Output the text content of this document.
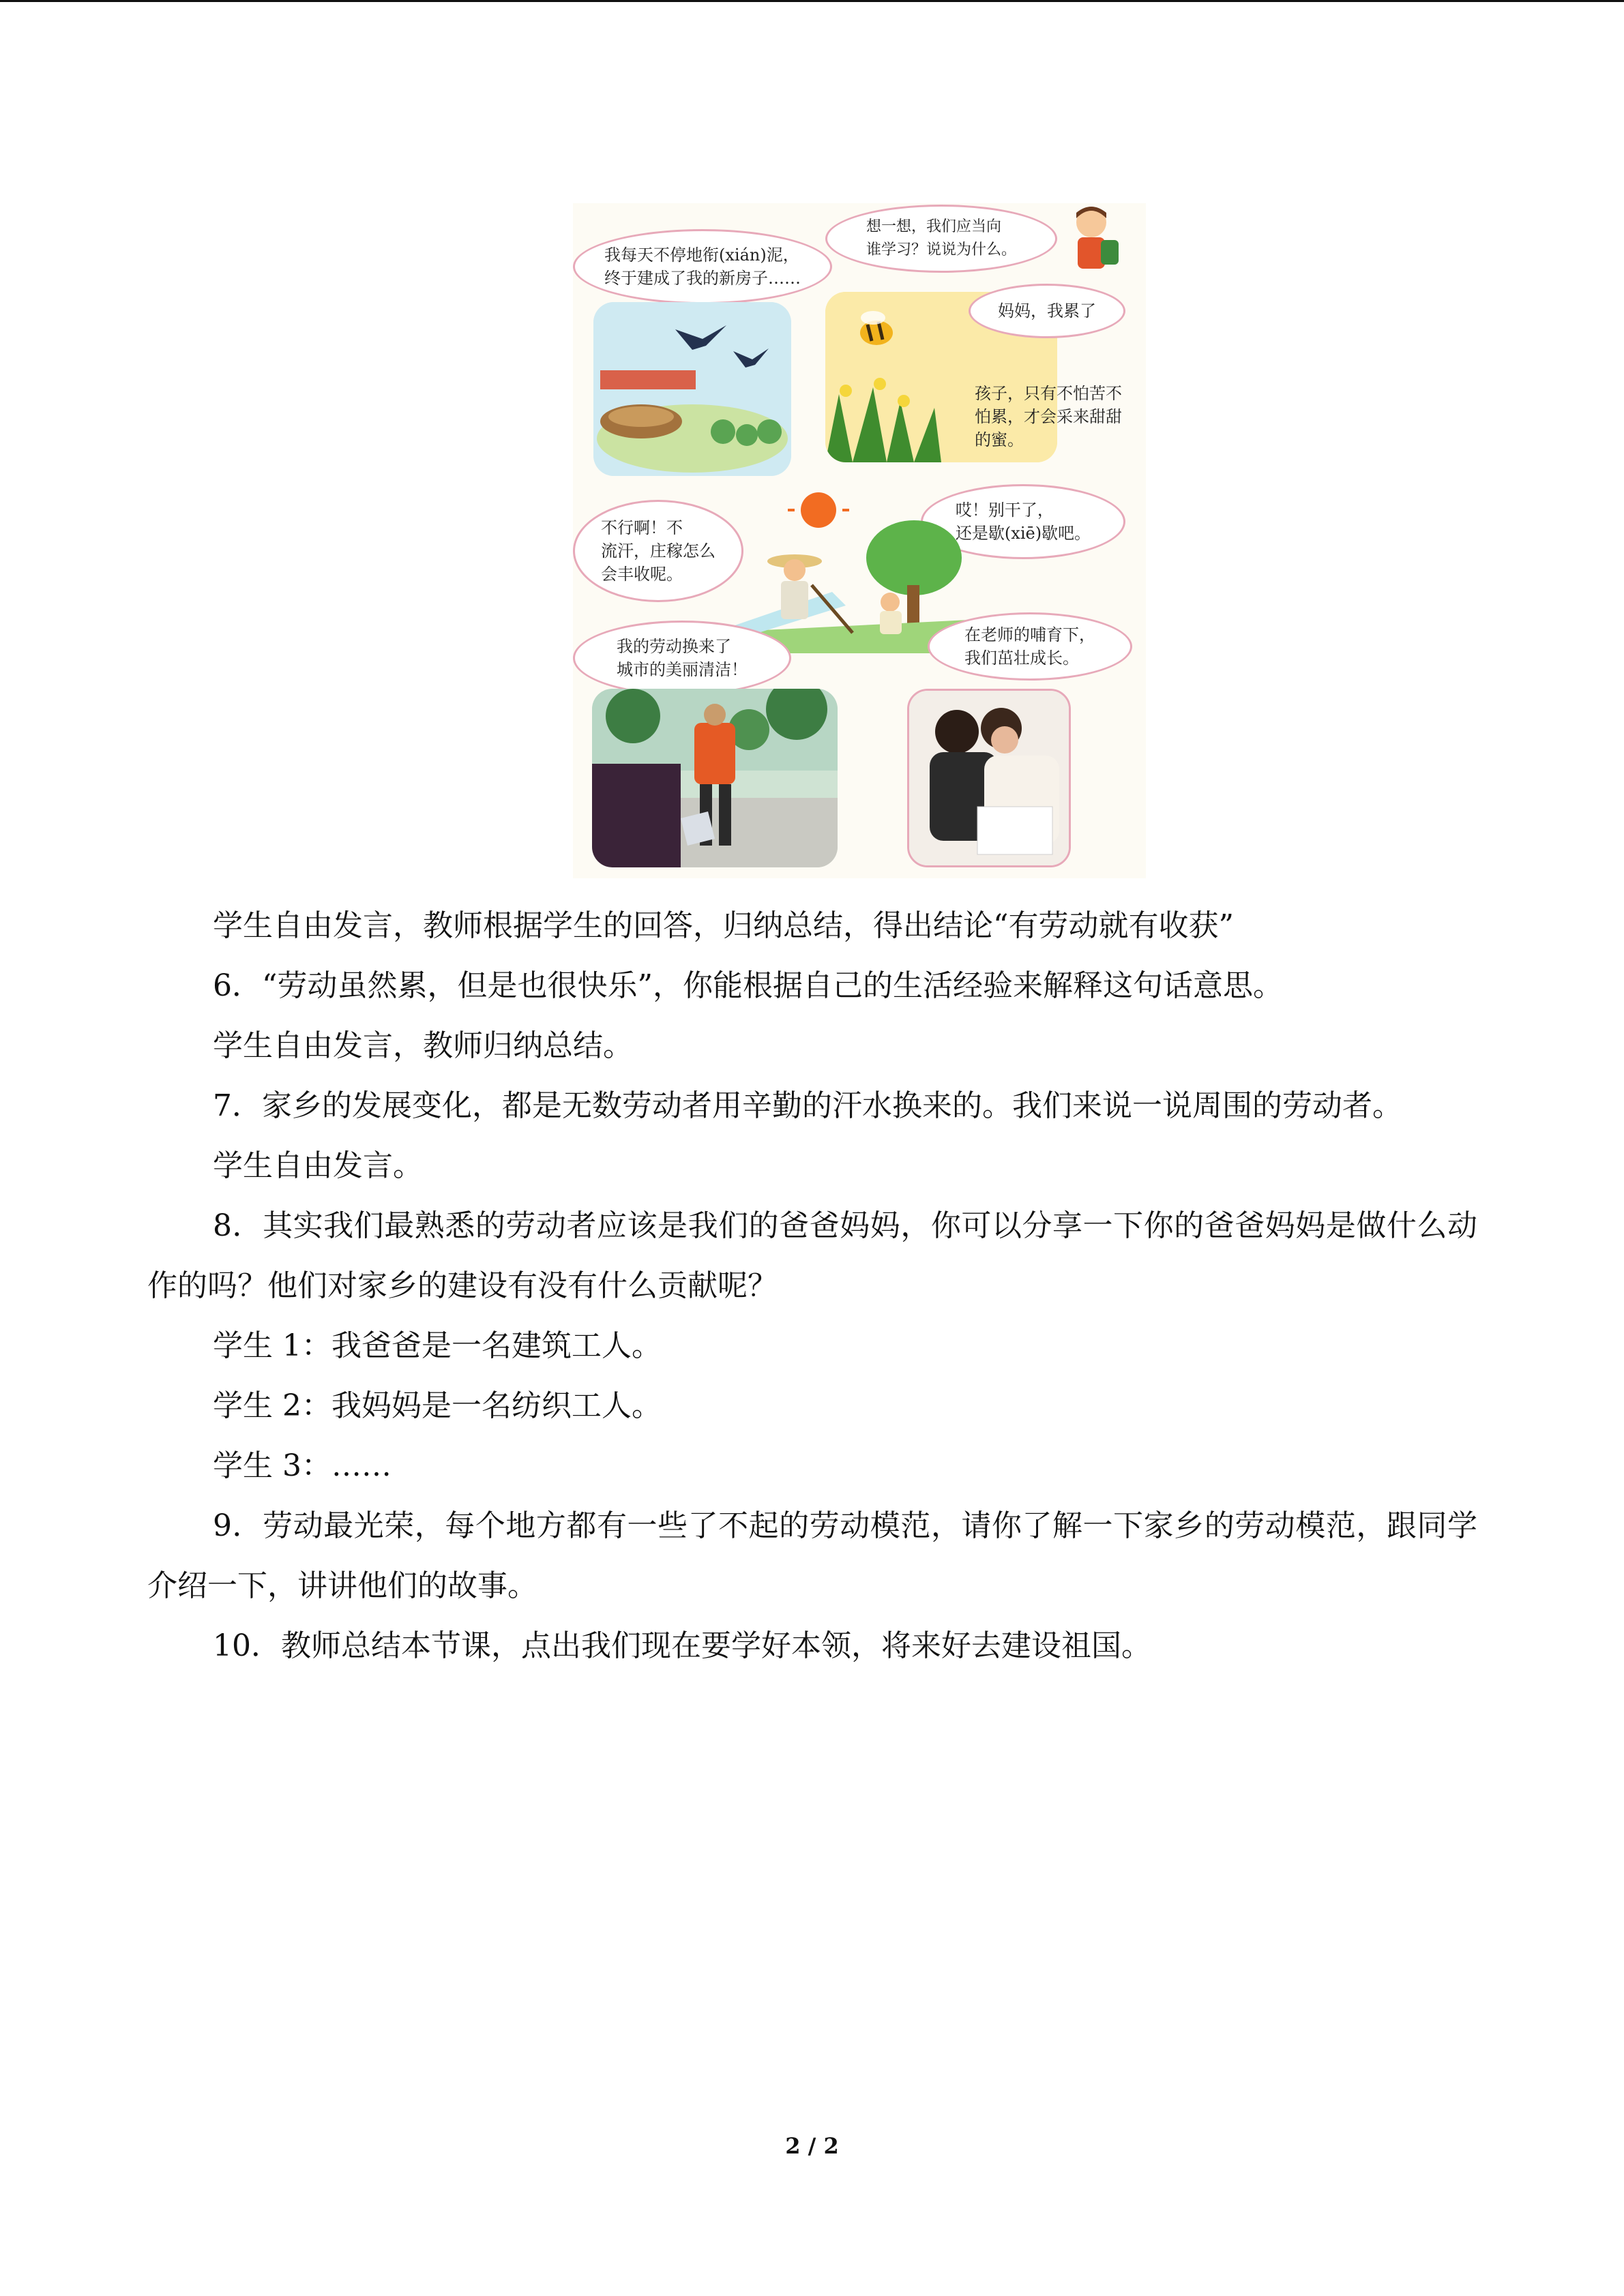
想一想，我们应当向
谁学习？说说为什么。
我每天不停地衔(xián)泥，
终于建成了我的新房子……
妈妈，我累了
孩子，只有不怕苦不
怕累，才会采来甜甜的蜜。
不行啊！不
流汗，庄稼怎么
会丰收呢。
哎！别干了，
还是歇(xiē)歇吧。
我的劳动换来了
城市的美丽清洁！
在老师的哺育下，
我们茁壮成长。

学生自由发言，教师根据学生的回答，归纳总结，得出结论“有劳动就有收获”

6．“劳动虽然累，但是也很快乐”，你能根据自己的生活经验来解释这句话意思。

学生自由发言，教师归纳总结。

7．家乡的发展变化，都是无数劳动者用辛勤的汗水换来的。我们来说一说周围的劳动者。

学生自由发言。

8．其实我们最熟悉的劳动者应该是我们的爸爸妈妈，你可以分享一下你的爸爸妈妈是做什么动作的吗？他们对家乡的建设有没有什么贡献呢？

学生 1：我爸爸是一名建筑工人。

学生 2：我妈妈是一名纺织工人。

学生 3：……

9．劳动最光荣，每个地方都有一些了不起的劳动模范，请你了解一下家乡的劳动模范，跟同学介绍一下，讲讲他们的故事。

10．教师总结本节课，点出我们现在要学好本领，将来好去建设祖国。

2 / 2
